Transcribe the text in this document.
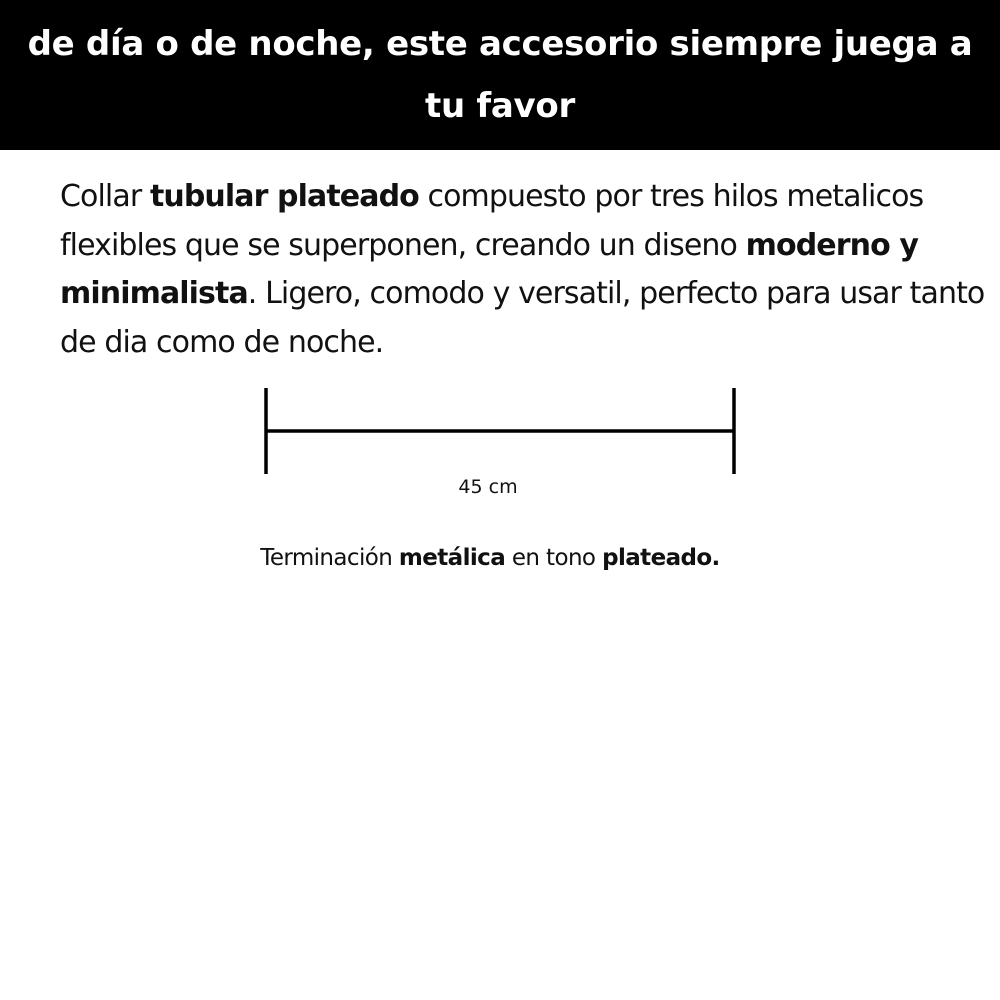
de día o de noche, este accesorio siempre juega a tu favor

Collar tubular plateado compuesto por tres hilos metalicos flexibles que se superponen, creando un diseno moderno y minimalista. Ligero, comodo y versatil, perfecto para usar tanto de dia como de noche.

45 cm

Terminación metálica en tono plateado.
